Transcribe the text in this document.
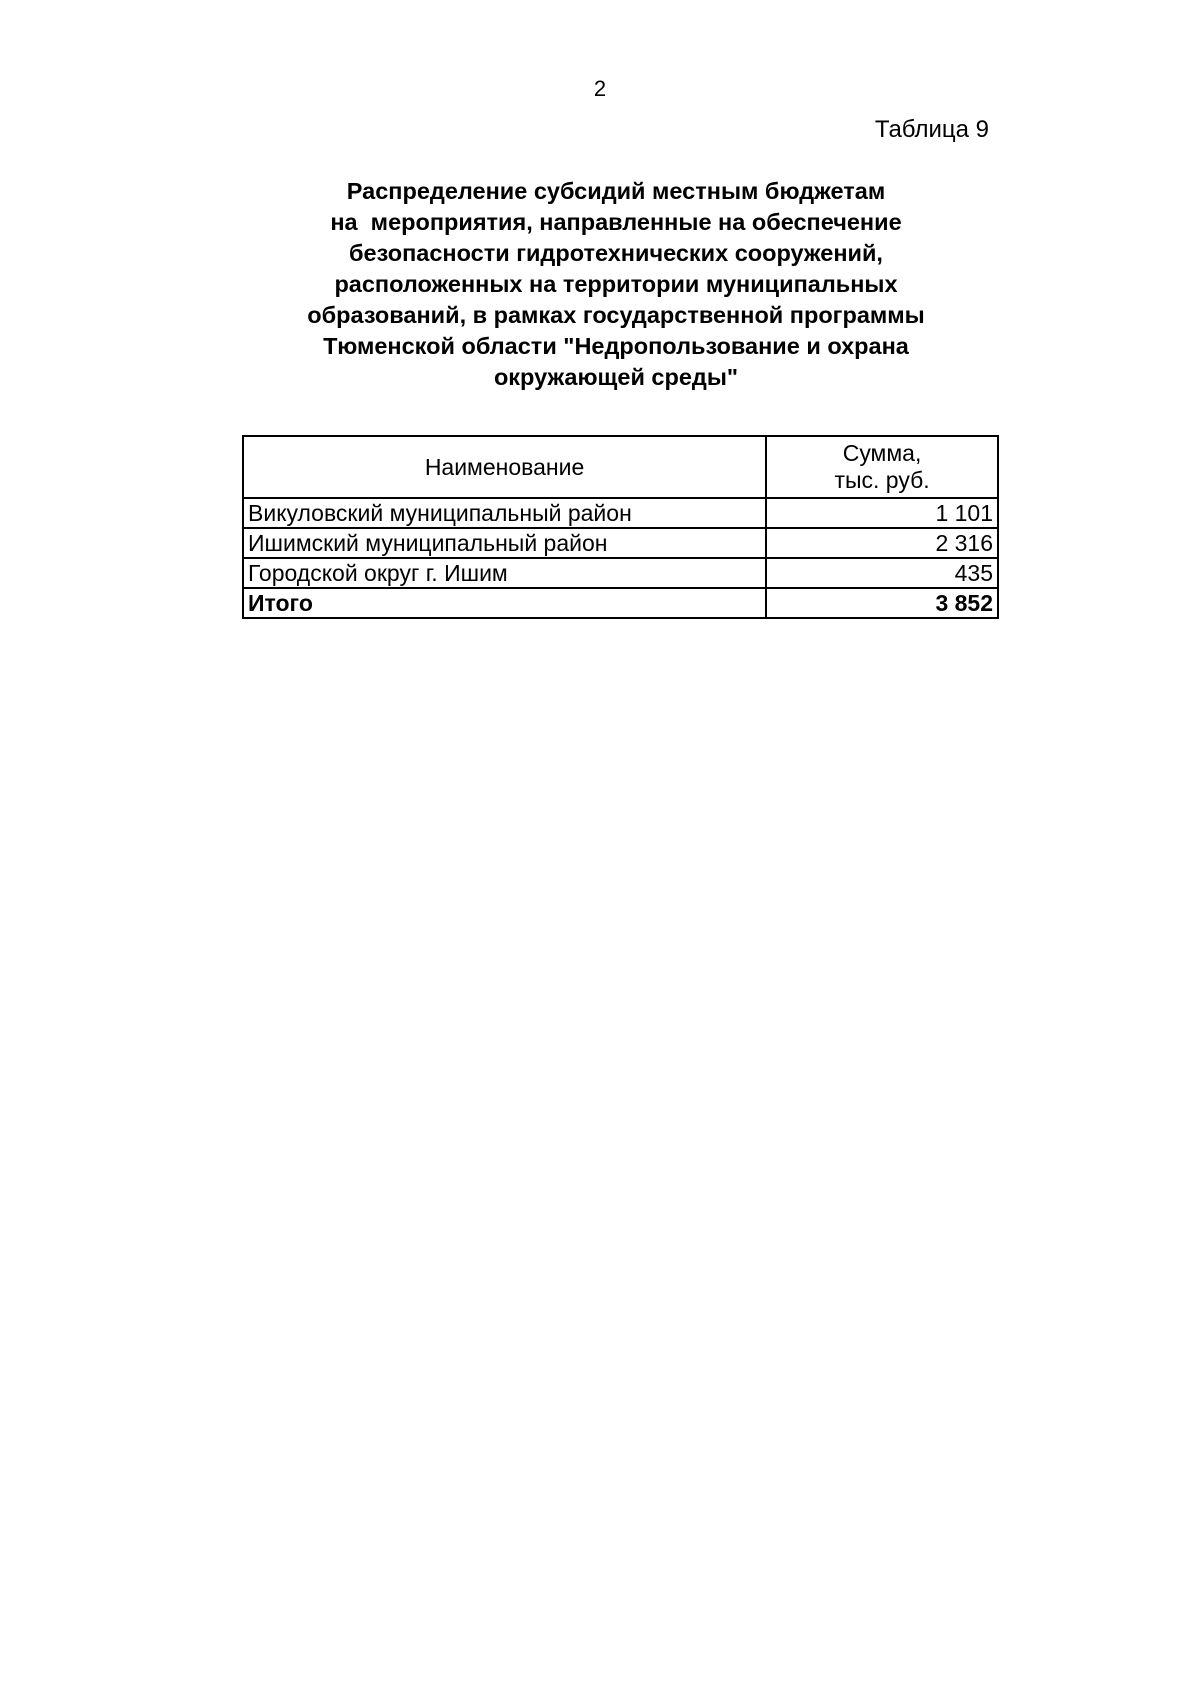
2
Таблица 9
Распределение субсидий местным бюджетам
на  мероприятия, направленные на обеспечение
безопасности гидротехнических сооружений,
расположенных на территории муниципальных
образований, в рамках государственной программы
Тюменской области "Недропользование и охрана
окружающей среды"
Наименование	Сумма,
тыс. руб.

Викуловский муниципальный район	1 101
Ишимский муниципальный район	2 316
Городской округ г. Ишим	435
Итого	3 852
